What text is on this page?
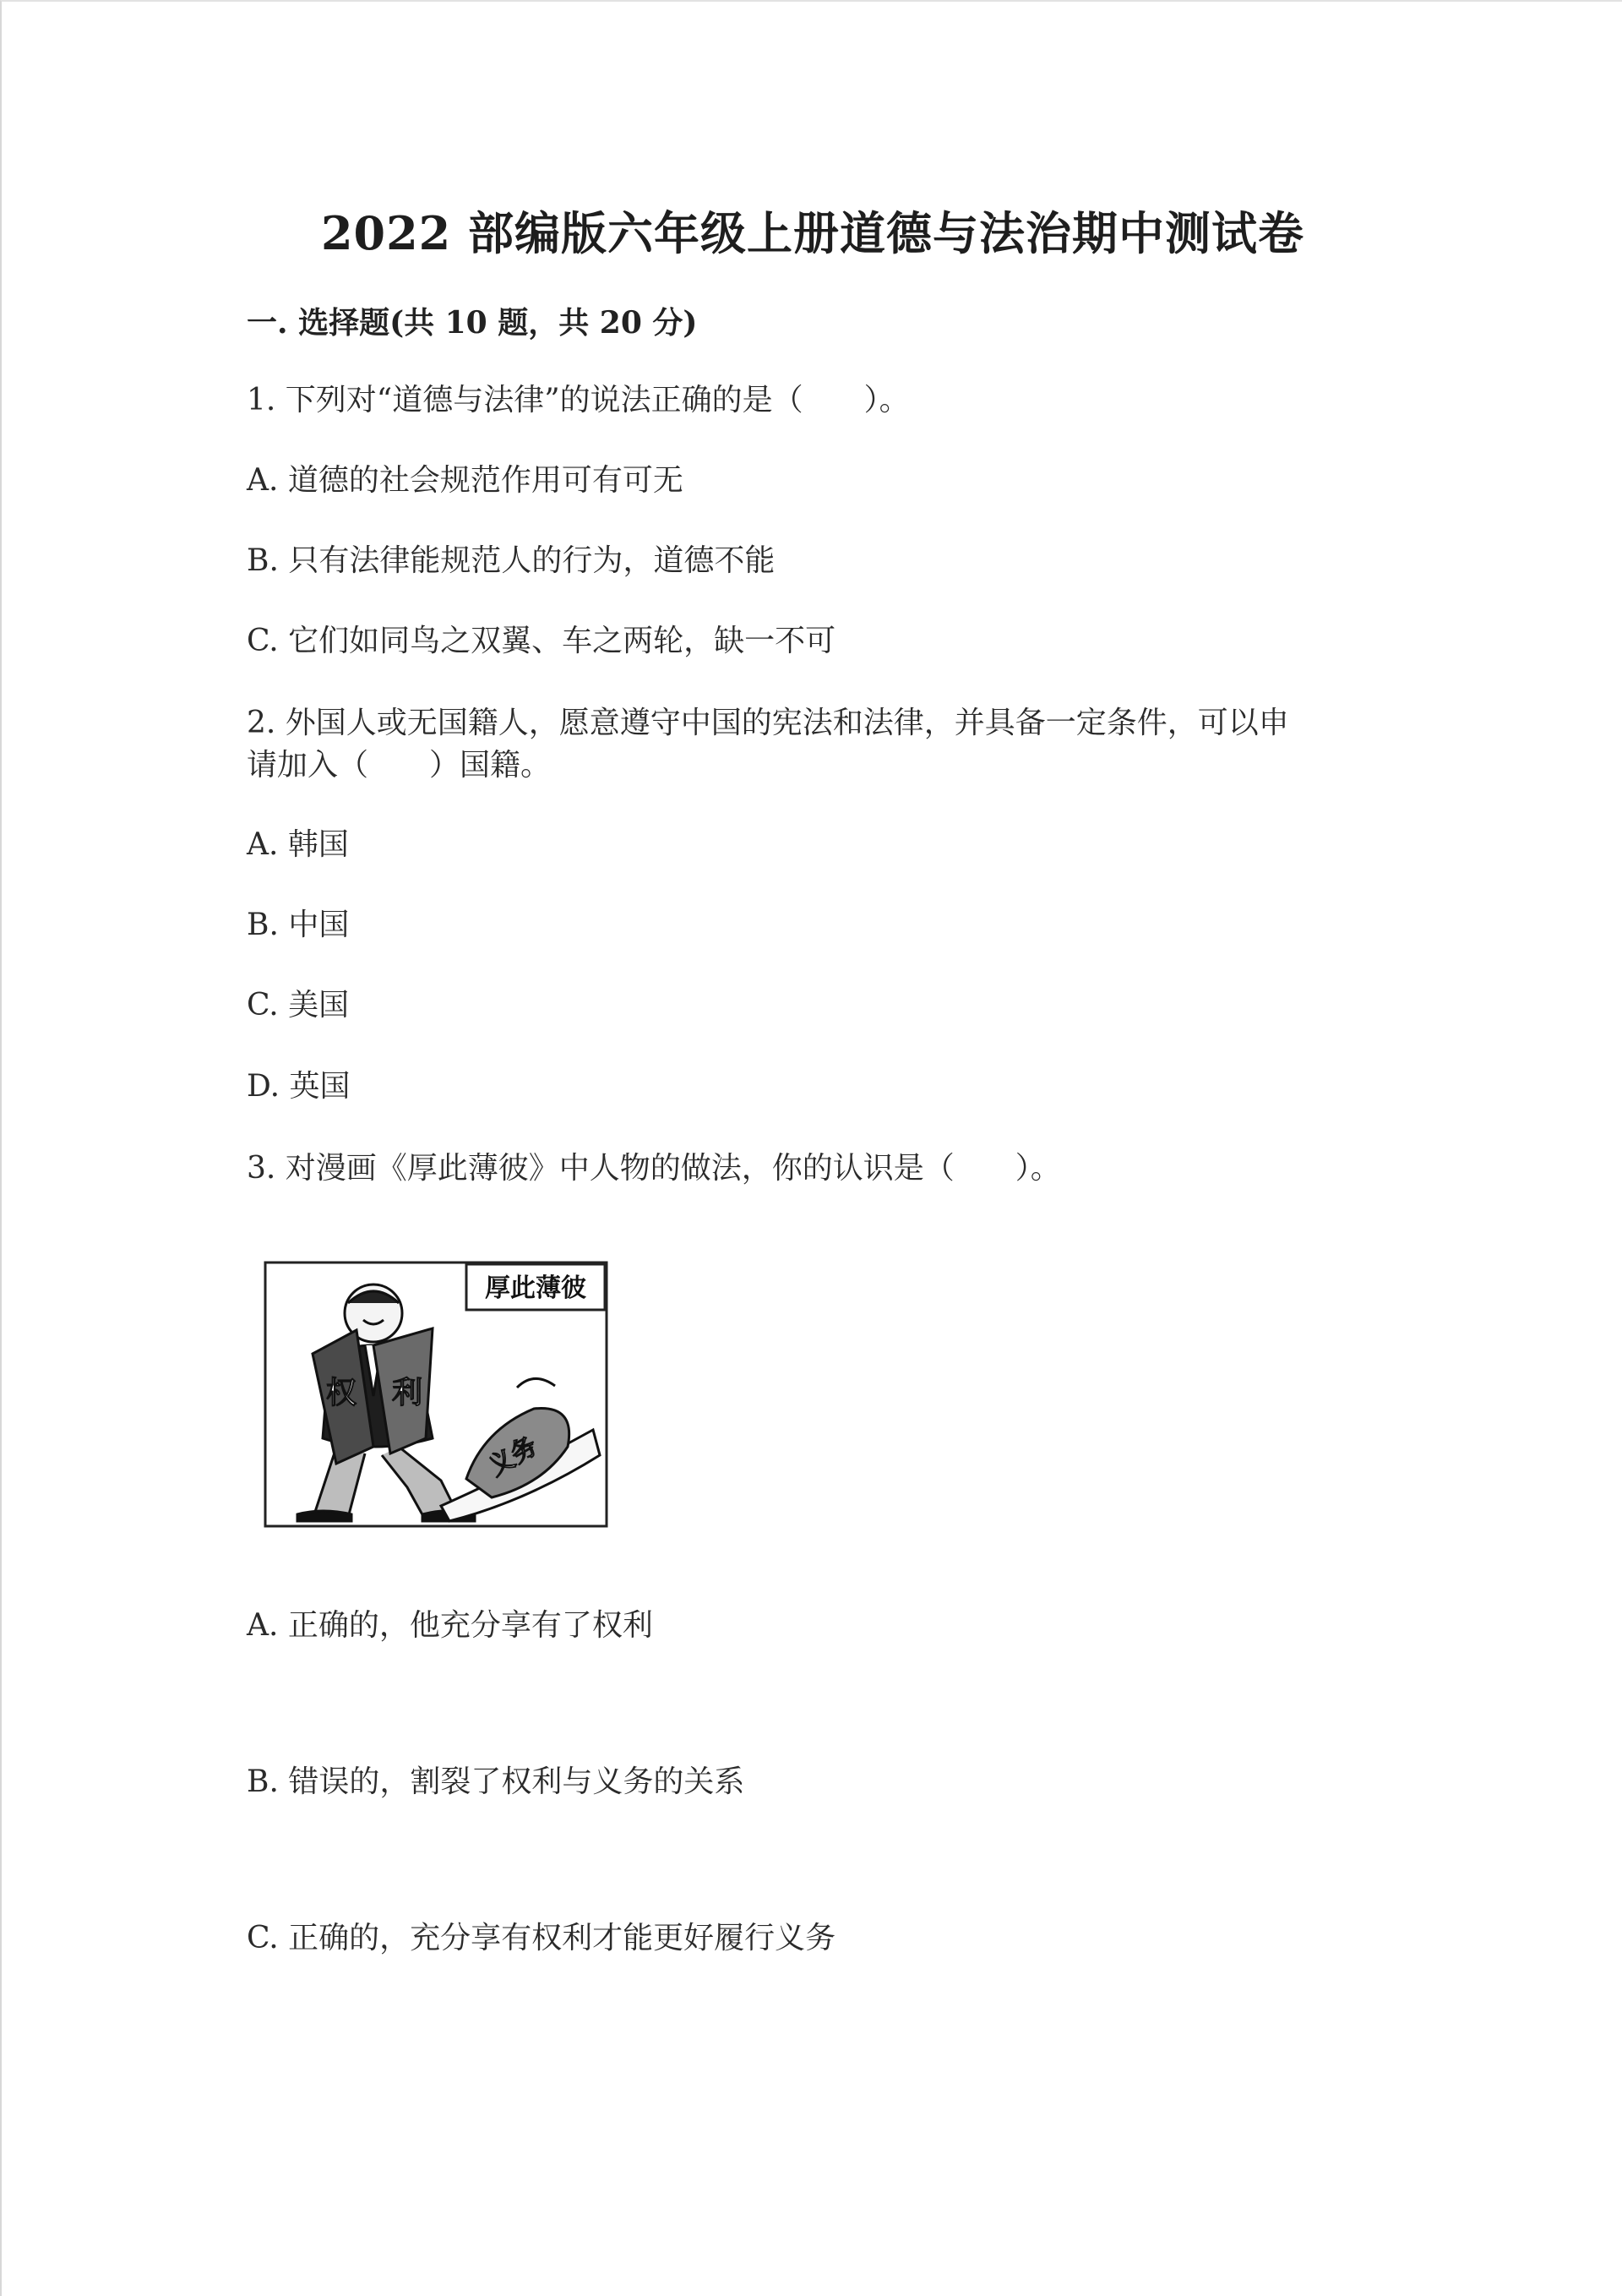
2022 部编版六年级上册道德与法治期中测试卷
一. 选择题(共 10 题，共 20 分)
1. 下列对“道德与法律”的说法正确的是（　　）。
A. 道德的社会规范作用可有可无
B. 只有法律能规范人的行为，道德不能
C. 它们如同鸟之双翼、车之两轮，缺一不可
2. 外国人或无国籍人，愿意遵守中国的宪法和法律，并具备一定条件，可以申
请加入（　　）国籍。
A. 韩国
B. 中国
C. 美国
D. 英国
3. 对漫画《厚此薄彼》中人物的做法，你的认识是（　　）。
厚此薄彼
权 利
义务
A. 正确的，他充分享有了权利
B. 错误的，割裂了权利与义务的关系
C. 正确的，充分享有权利才能更好履行义务
